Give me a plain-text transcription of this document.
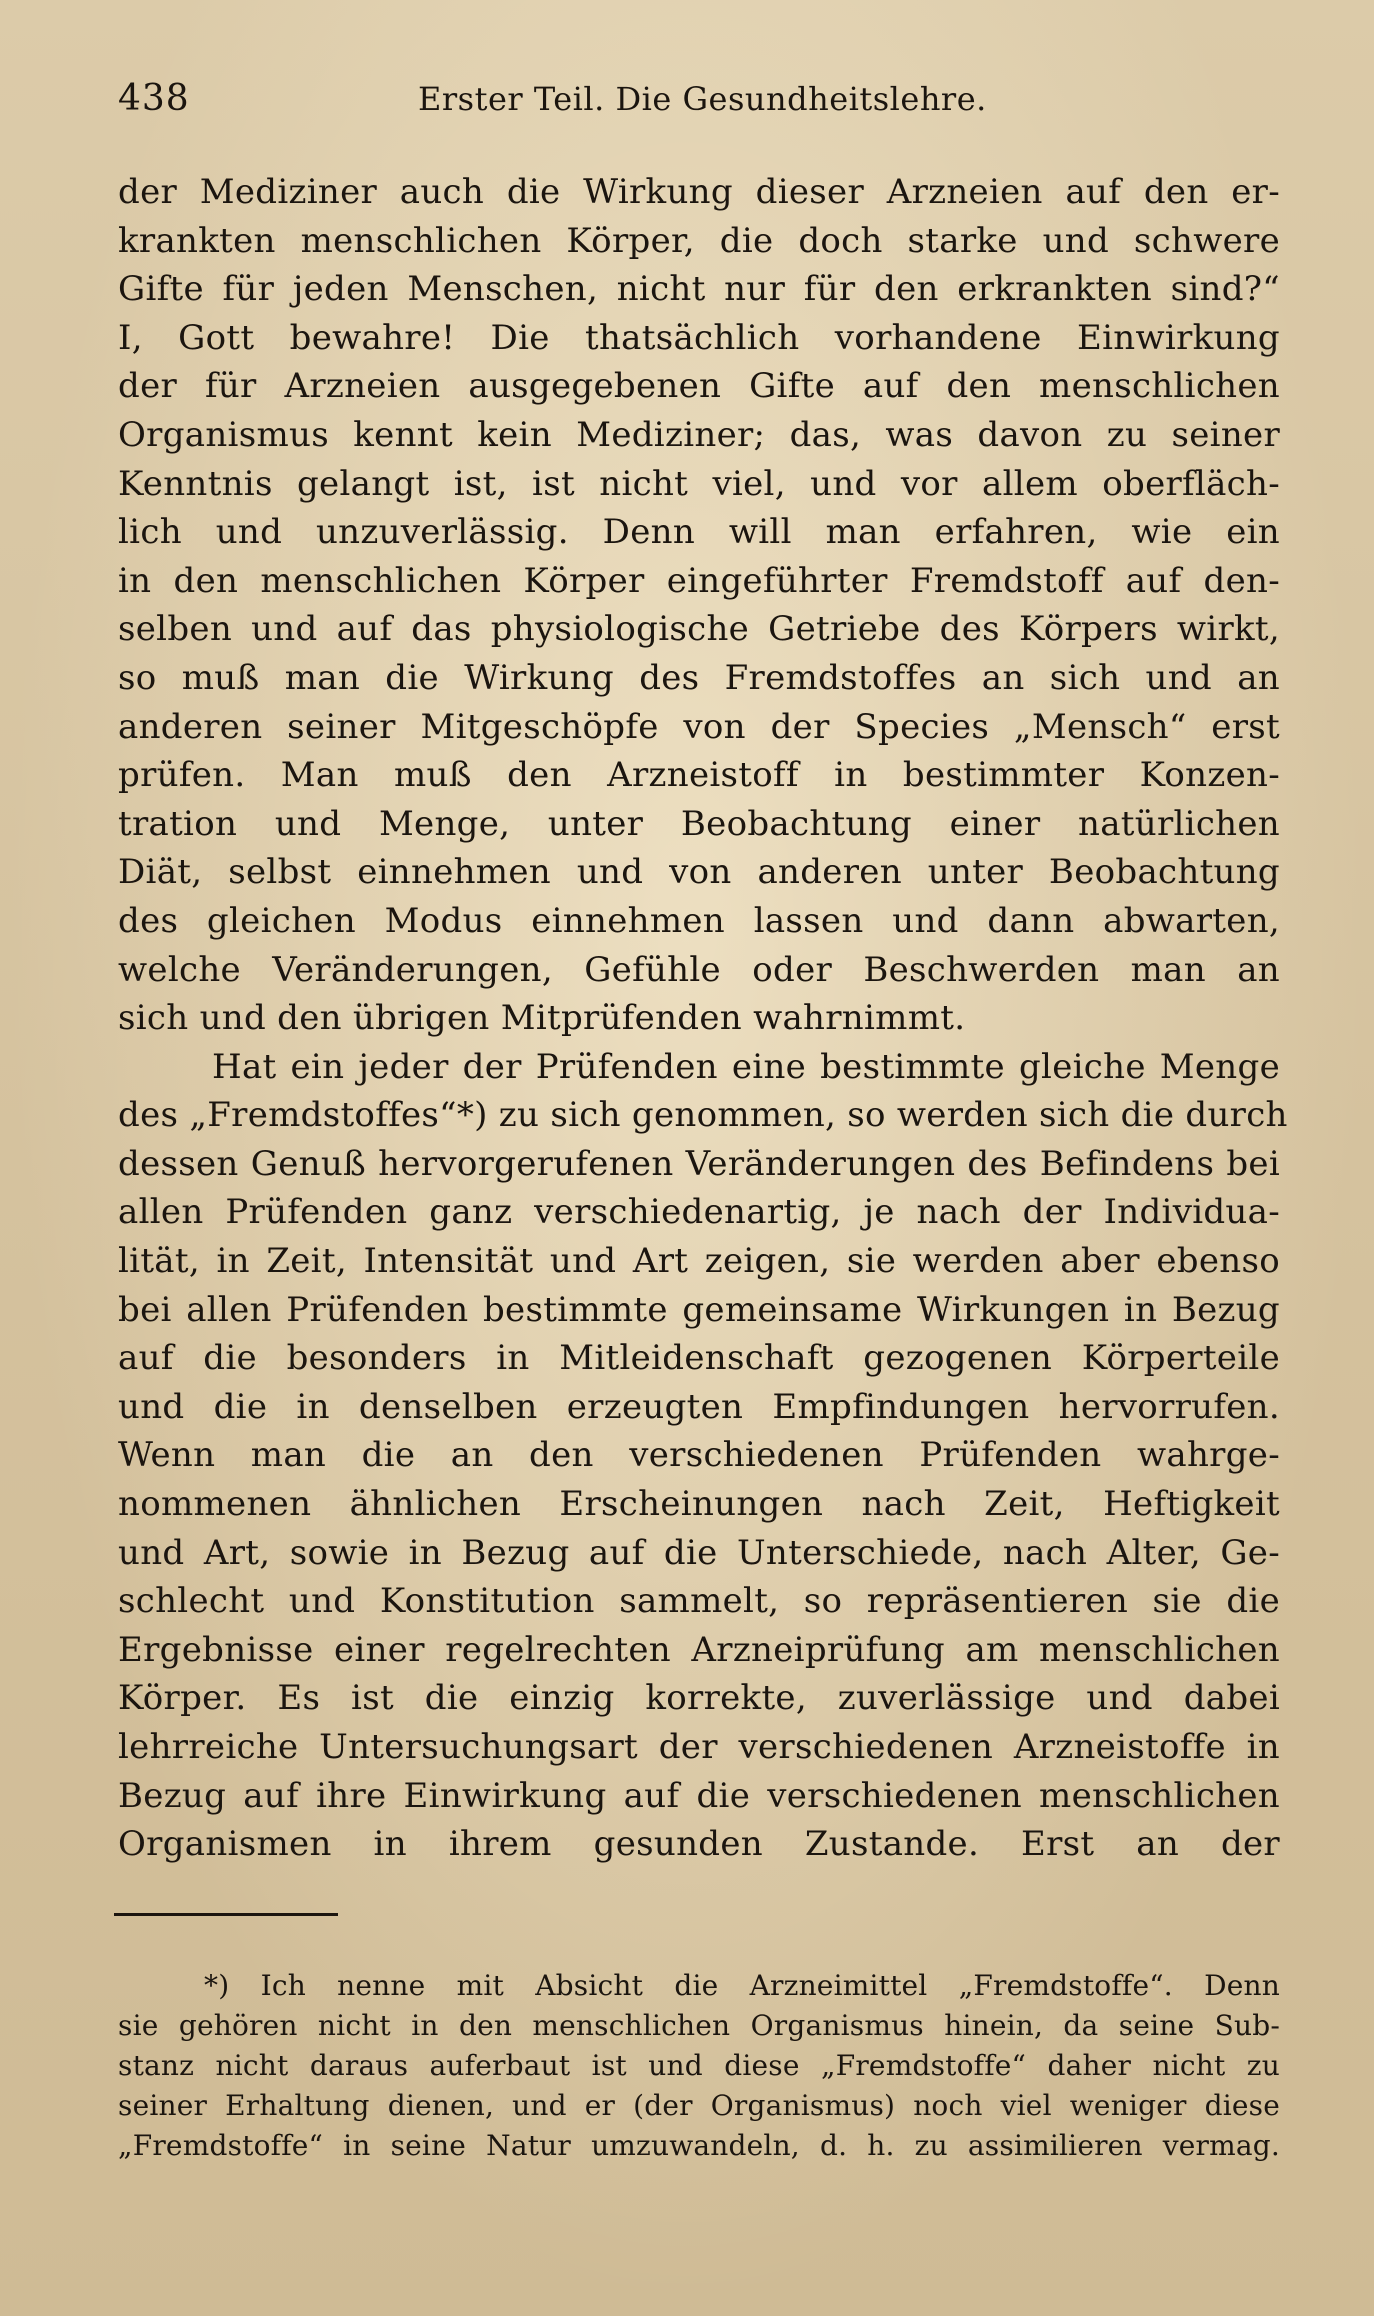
438	Erster Teil. Die Gesundheitslehre.
der Mediziner auch die Wirkung dieser Arzneien auf den er-
krankten menschlichen Körper, die doch starke und schwere
Gifte für jeden Menschen, nicht nur für den erkrankten sind?“
I, Gott bewahre! Die thatsächlich vorhandene Einwirkung
der für Arzneien ausgegebenen Gifte auf den menschlichen
Organismus kennt kein Mediziner; das, was davon zu seiner
Kenntnis gelangt ist, ist nicht viel, und vor allem oberfläch-
lich und unzuverlässig. Denn will man erfahren, wie ein
in den menschlichen Körper eingeführter Fremdstoff auf den-
selben und auf das physiologische Getriebe des Körpers wirkt,
so muß man die Wirkung des Fremdstoffes an sich und an
anderen seiner Mitgeschöpfe von der Species „Mensch“ erst
prüfen. Man muß den Arzneistoff in bestimmter Konzen-
tration und Menge, unter Beobachtung einer natürlichen
Diät, selbst einnehmen und von anderen unter Beobachtung
des gleichen Modus einnehmen lassen und dann abwarten,
welche Veränderungen, Gefühle oder Beschwerden man an
sich und den übrigen Mitprüfenden wahrnimmt.
Hat ein jeder der Prüfenden eine bestimmte gleiche Menge
des „Fremdstoffes“*) zu sich genommen, so werden sich die durch
dessen Genuß hervorgerufenen Veränderungen des Befindens bei
allen Prüfenden ganz verschiedenartig, je nach der Individua-
lität, in Zeit, Intensität und Art zeigen, sie werden aber ebenso
bei allen Prüfenden bestimmte gemeinsame Wirkungen in Bezug
auf die besonders in Mitleidenschaft gezogenen Körperteile
und die in denselben erzeugten Empfindungen hervorrufen.
Wenn man die an den verschiedenen Prüfenden wahrge-
nommenen ähnlichen Erscheinungen nach Zeit, Heftigkeit
und Art, sowie in Bezug auf die Unterschiede, nach Alter, Ge-
schlecht und Konstitution sammelt, so repräsentieren sie die
Ergebnisse einer regelrechten Arzneiprüfung am menschlichen
Körper. Es ist die einzig korrekte, zuverlässige und dabei
lehrreiche Untersuchungsart der verschiedenen Arzneistoffe in
Bezug auf ihre Einwirkung auf die verschiedenen menschlichen
Organismen in ihrem gesunden Zustande. Erst an der
*) Ich nenne mit Absicht die Arzneimittel „Fremdstoffe“. Denn
sie gehören nicht in den menschlichen Organismus hinein, da seine Sub-
stanz nicht daraus auferbaut ist und diese „Fremdstoffe“ daher nicht zu
seiner Erhaltung dienen, und er (der Organismus) noch viel weniger diese
„Fremdstoffe“ in seine Natur umzuwandeln, d. h. zu assimilieren vermag.
